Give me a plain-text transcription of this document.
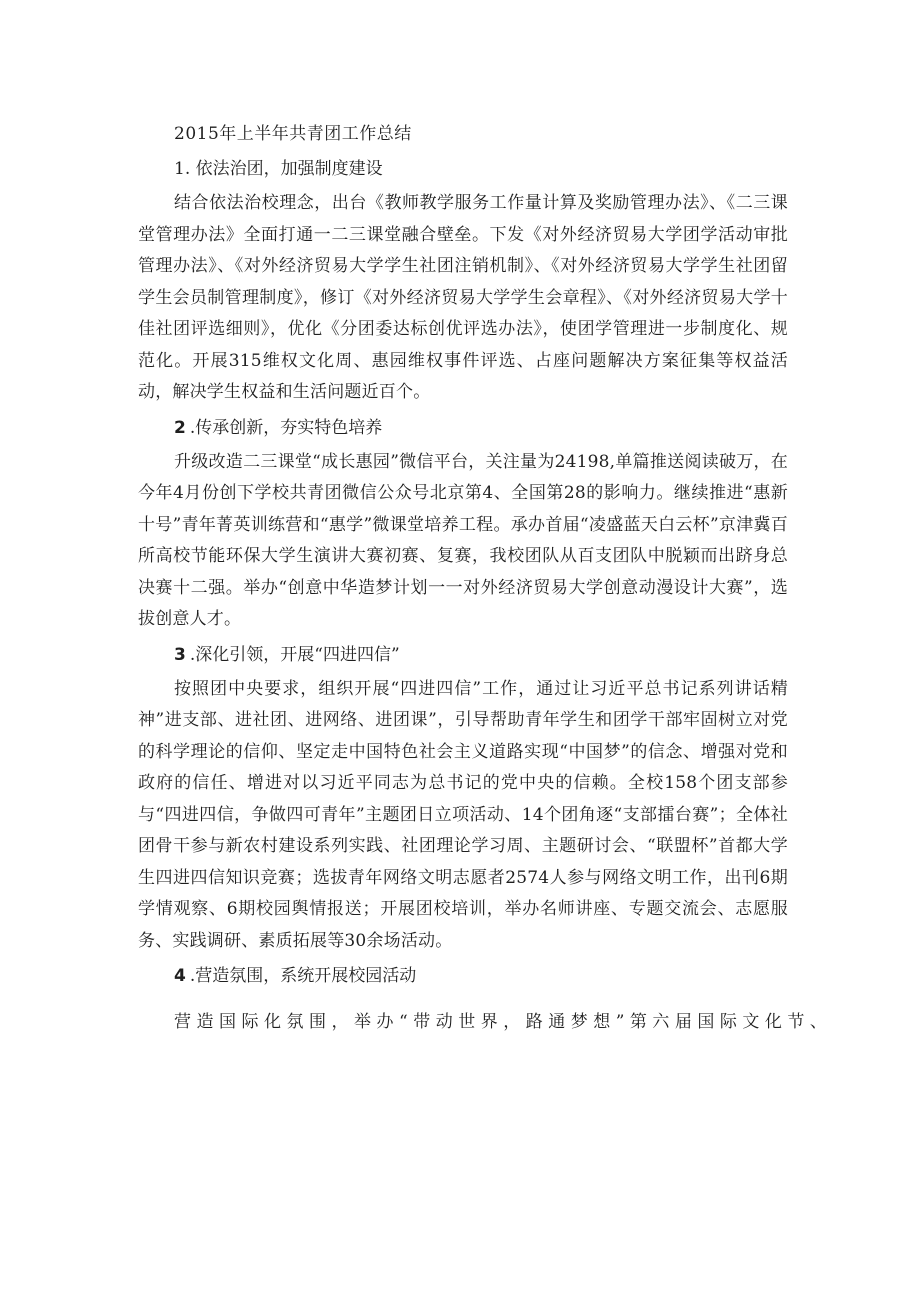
2015年上半年共青团工作总结

1. 依法治团，加强制度建设

结合依法治校理念，出台《教师教学服务工作量计算及奖励管理办法》、《二三课堂管理办法》全面打通一二三课堂融合壁垒。下发《对外经济贸易大学团学活动审批管理办法》、《对外经济贸易大学学生社团注销机制》、《对外经济贸易大学学生社团留学生会员制管理制度》，修订《对外经济贸易大学学生会章程》、《对外经济贸易大学十佳社团评选细则》，优化《分团委达标创优评选办法》，使团学管理进一步制度化、规范化。开展315维权文化周、惠园维权事件评选、占座问题解决方案征集等权益活动，解决学生权益和生活问题近百个。

2 .传承创新，夯实特色培养

升级改造二三课堂“成长惠园”微信平台，关注量为24198,单篇推送阅读破万，在今年4月份创下学校共青团微信公众号北京第4、全国第28的影响力。继续推进“惠新十号”青年菁英训练营和“惠学”微课堂培养工程。承办首届“凌盛蓝天白云杯”京津冀百所高校节能环保大学生演讲大赛初赛、复赛，我校团队从百支团队中脱颖而出跻身总决赛十二强。举办“创意中华造梦计划一一对外经济贸易大学创意动漫设计大赛”，选拔创意人才。

3 .深化引领，开展“四进四信”

按照团中央要求，组织开展“四进四信”工作，通过让习近平总书记系列讲话精神”进支部、进社团、进网络、进团课”，引导帮助青年学生和团学干部牢固树立对党的科学理论的信仰、坚定走中国特色社会主义道路实现“中国梦”的信念、增强对党和政府的信任、增进对以习近平同志为总书记的党中央的信赖。全校158个团支部参与“四进四信，争做四可青年”主题团日立项活动、14个团角逐“支部擂台赛”；全体社团骨干参与新农村建设系列实践、社团理论学习周、主题研讨会、“联盟杯”首都大学生四进四信知识竞赛；选拔青年网络文明志愿者2574人参与网络文明工作，出刊6期学情观察、6期校园舆情报送；开展团校培训，举办名师讲座、专题交流会、志愿服务、实践调研、素质拓展等30余场活动。

4 .营造氛围，系统开展校园活动

营造国际化氛围，举办“带动世界，路通梦想”第六届国际文化节、
